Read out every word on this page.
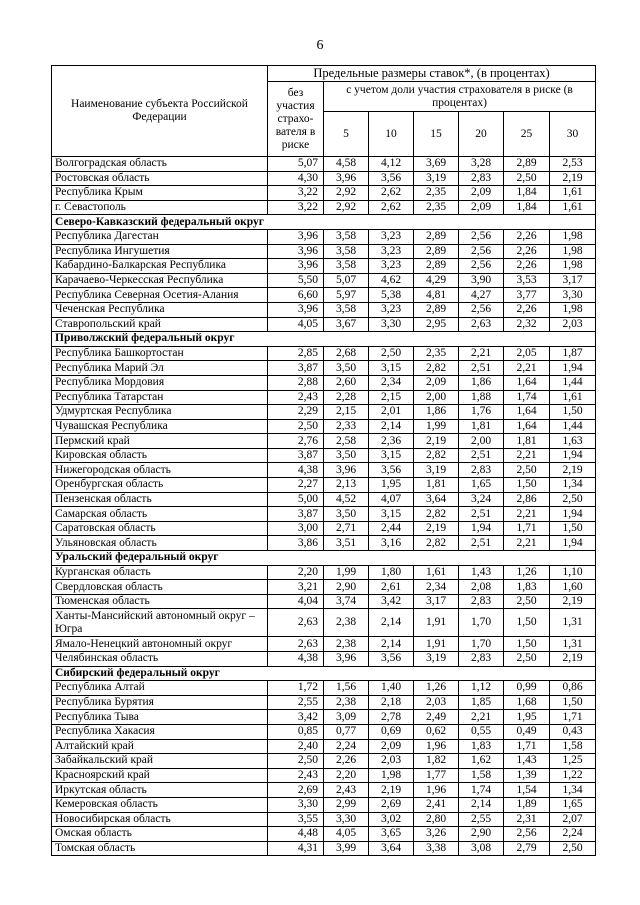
6
Наименование субъекта Российской Федерации	Предельные размеры ставок*, (в процентах)						
	без участия страхо-вателя в риске	с учетом доли участия страхователя в риске (в процентах)					
		5	10	15	20	25	30
Волгоградская область	5,07	4,58	4,12	3,69	3,28	2,89	2,53
Ростовская область	4,30	3,96	3,56	3,19	2,83	2,50	2,19
Республика Крым	3,22	2,92	2,62	2,35	2,09	1,84	1,61
г. Севастополь	3,22	2,92	2,62	2,35	2,09	1,84	1,61
Северо-Кавказский федеральный округ							
Республика Дагестан	3,96	3,58	3,23	2,89	2,56	2,26	1,98
Республика Ингушетия	3,96	3,58	3,23	2,89	2,56	2,26	1,98
Кабардино-Балкарская Республика	3,96	3,58	3,23	2,89	2,56	2,26	1,98
Карачаево-Черкесская Республика	5,50	5,07	4,62	4,29	3,90	3,53	3,17
Республика Северная Осетия-Алания	6,60	5,97	5,38	4,81	4,27	3,77	3,30
Чеченская Республика	3,96	3,58	3,23	2,89	2,56	2,26	1,98
Ставропольский край	4,05	3,67	3,30	2,95	2,63	2,32	2,03
Приволжский федеральный округ							
Республика Башкортостан	2,85	2,68	2,50	2,35	2,21	2,05	1,87
Республика Марий Эл	3,87	3,50	3,15	2,82	2,51	2,21	1,94
Республика Мордовия	2,88	2,60	2,34	2,09	1,86	1,64	1,44
Республика Татарстан	2,43	2,28	2,15	2,00	1,88	1,74	1,61
Удмуртская Республика	2,29	2,15	2,01	1,86	1,76	1,64	1,50
Чувашская Республика	2,50	2,33	2,14	1,99	1,81	1,64	1,44
Пермский край	2,76	2,58	2,36	2,19	2,00	1,81	1,63
Кировская область	3,87	3,50	3,15	2,82	2,51	2,21	1,94
Нижегородская область	4,38	3,96	3,56	3,19	2,83	2,50	2,19
Оренбургская область	2,27	2,13	1,95	1,81	1,65	1,50	1,34
Пензенская область	5,00	4,52	4,07	3,64	3,24	2,86	2,50
Самарская область	3,87	3,50	3,15	2,82	2,51	2,21	1,94
Саратовская область	3,00	2,71	2,44	2,19	1,94	1,71	1,50
Ульяновская область	3,86	3,51	3,16	2,82	2,51	2,21	1,94
Уральский федеральный округ							
Курганская область	2,20	1,99	1,80	1,61	1,43	1,26	1,10
Свердловская область	3,21	2,90	2,61	2,34	2,08	1,83	1,60
Тюменская область	4,04	3,74	3,42	3,17	2,83	2,50	2,19
Ханты-Мансийский автономный округ – Югра	2,63	2,38	2,14	1,91	1,70	1,50	1,31
Ямало-Ненецкий автономный округ	2,63	2,38	2,14	1,91	1,70	1,50	1,31
Челябинская область	4,38	3,96	3,56	3,19	2,83	2,50	2,19
Сибирский федеральный округ							
Республика Алтай	1,72	1,56	1,40	1,26	1,12	0,99	0,86
Республика Бурятия	2,55	2,38	2,18	2,03	1,85	1,68	1,50
Республика Тыва	3,42	3,09	2,78	2,49	2,21	1,95	1,71
Республика Хакасия	0,85	0,77	0,69	0,62	0,55	0,49	0,43
Алтайский край	2,40	2,24	2,09	1,96	1,83	1,71	1,58
Забайкальский край	2,50	2,26	2,03	1,82	1,62	1,43	1,25
Красноярский край	2,43	2,20	1,98	1,77	1,58	1,39	1,22
Иркутская область	2,69	2,43	2,19	1,96	1,74	1,54	1,34
Кемеровская область	3,30	2,99	2,69	2,41	2,14	1,89	1,65
Новосибирская область	3,55	3,30	3,02	2,80	2,55	2,31	2,07
Омская область	4,48	4,05	3,65	3,26	2,90	2,56	2,24
Томская область	4,31	3,99	3,64	3,38	3,08	2,79	2,50
